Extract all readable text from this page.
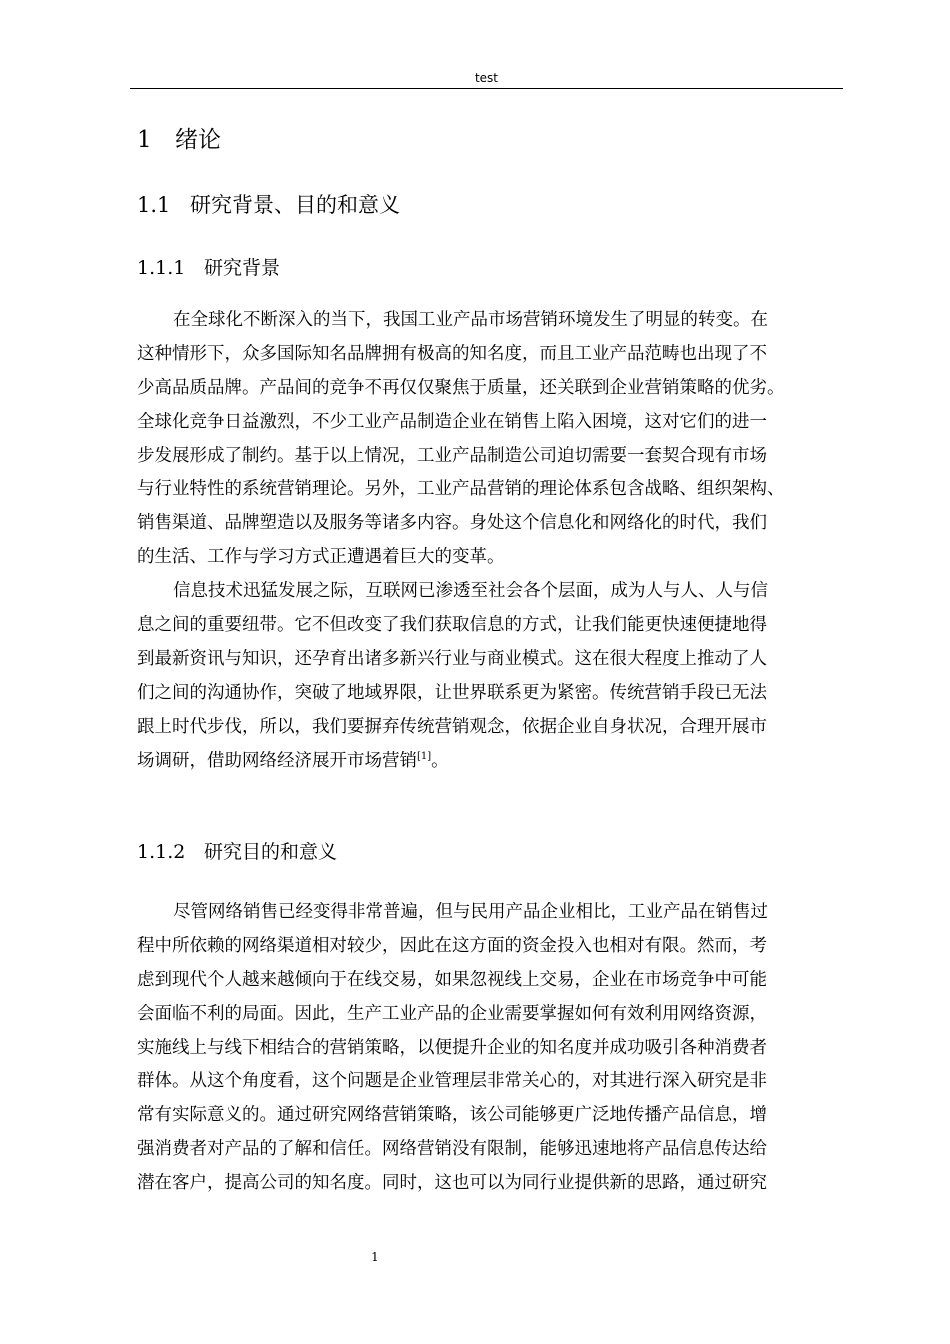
test
1 绪论
1.1 研究背景、目的和意义
1.1.1 研究背景
在全球化不断深入的当下，我国工业产品市场营销环境发生了明显的转变。在
这种情形下，众多国际知名品牌拥有极高的知名度，而且工业产品范畴也出现了不
少高品质品牌。产品间的竞争不再仅仅聚焦于质量，还关联到企业营销策略的优劣。
全球化竞争日益激烈，不少工业产品制造企业在销售上陷入困境，这对它们的进一
步发展形成了制约。基于以上情况，工业产品制造公司迫切需要一套契合现有市场
与行业特性的系统营销理论。另外，工业产品营销的理论体系包含战略、组织架构、
销售渠道、品牌塑造以及服务等诸多内容。身处这个信息化和网络化的时代，我们
的生活、工作与学习方式正遭遇着巨大的变革。
信息技术迅猛发展之际，互联网已渗透至社会各个层面，成为人与人、人与信
息之间的重要纽带。它不但改变了我们获取信息的方式，让我们能更快速便捷地得
到最新资讯与知识，还孕育出诸多新兴行业与商业模式。这在很大程度上推动了人
们之间的沟通协作，突破了地域界限，让世界联系更为紧密。传统营销手段已无法
跟上时代步伐，所以，我们要摒弃传统营销观念，依据企业自身状况，合理开展市
场调研，借助网络经济展开市场营销[1]。
1.1.2 研究目的和意义
尽管网络销售已经变得非常普遍，但与民用产品企业相比，工业产品在销售过
程中所依赖的网络渠道相对较少，因此在这方面的资金投入也相对有限。然而，考
虑到现代个人越来越倾向于在线交易，如果忽视线上交易，企业在市场竞争中可能
会面临不利的局面。因此，生产工业产品的企业需要掌握如何有效利用网络资源，
实施线上与线下相结合的营销策略，以便提升企业的知名度并成功吸引各种消费者
群体。从这个角度看，这个问题是企业管理层非常关心的，对其进行深入研究是非
常有实际意义的。通过研究网络营销策略，该公司能够更广泛地传播产品信息，增
强消费者对产品的了解和信任。网络营销没有限制，能够迅速地将产品信息传达给
潜在客户，提高公司的知名度。同时，这也可以为同行业提供新的思路，通过研究
1
